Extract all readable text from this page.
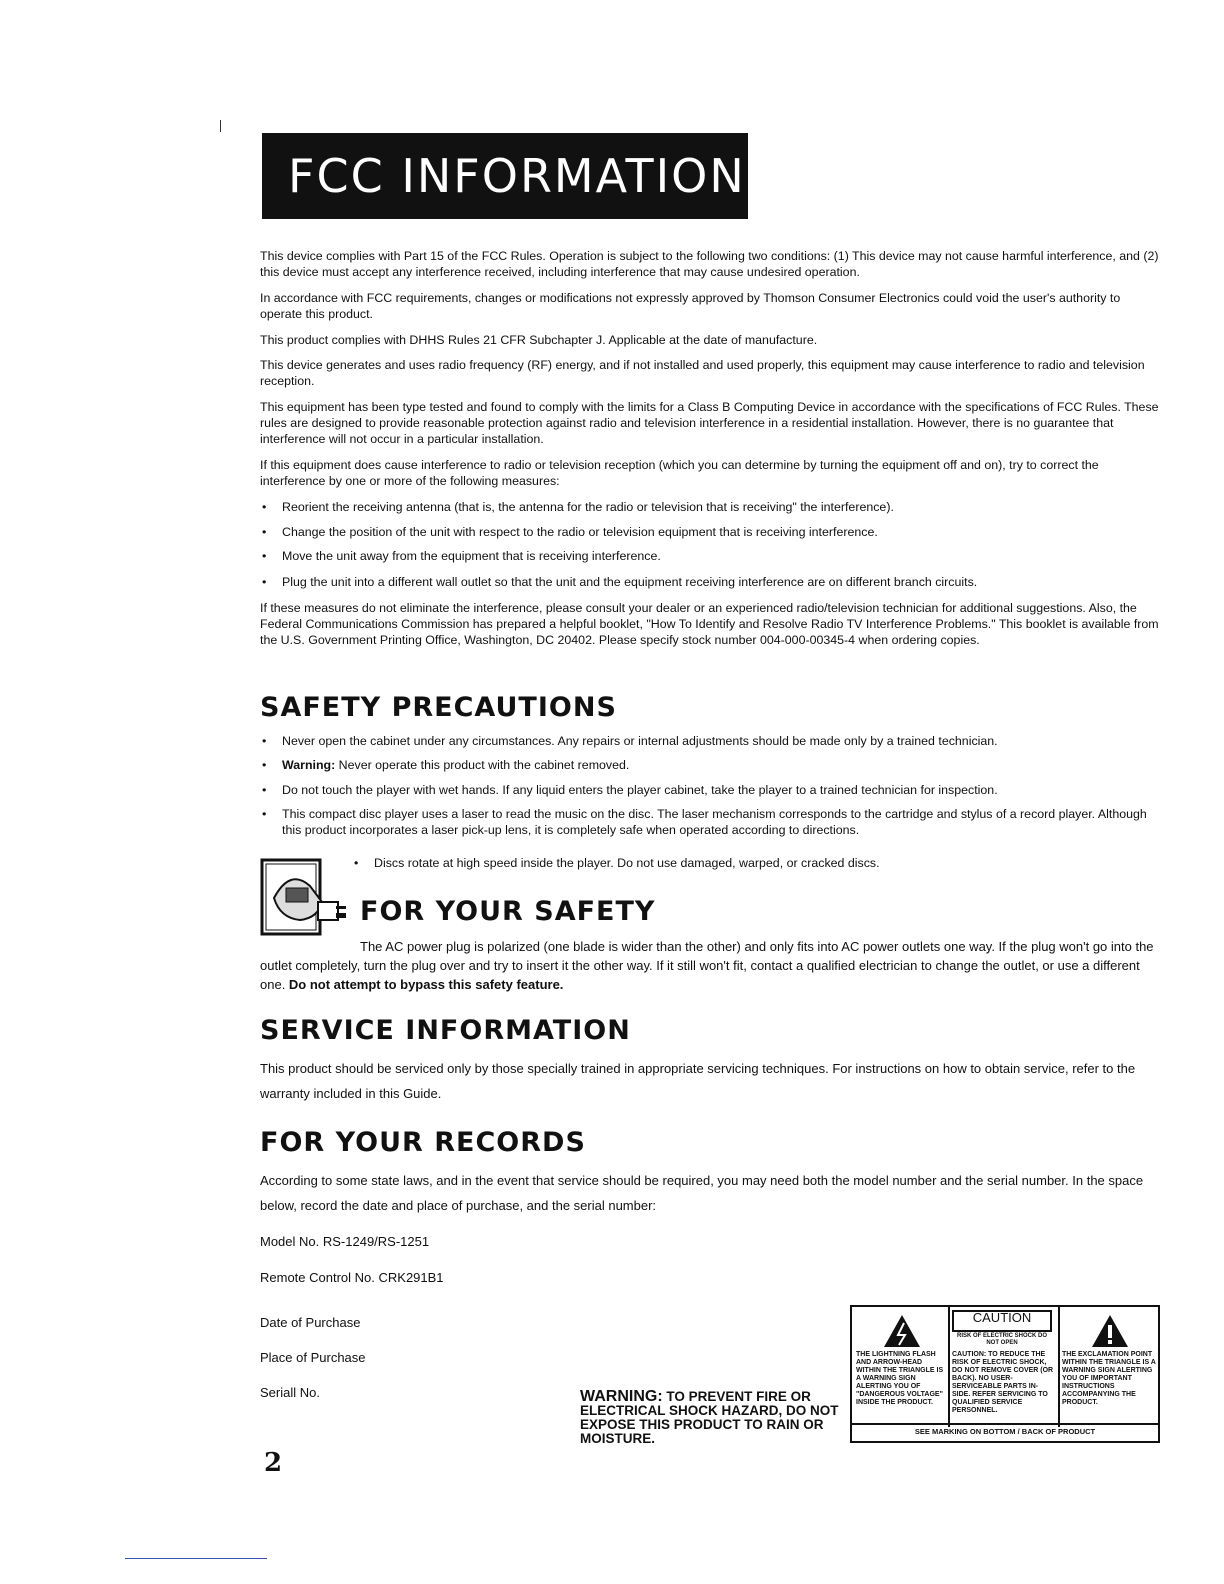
FCC INFORMATION

This device complies with Part 15 of the FCC Rules. Operation is subject to the following two conditions: (1) This device may not cause harmful interference, and (2) this device must accept any interference received, including interference that may cause undesired operation.

In accordance with FCC requirements, changes or modifications not expressly approved by Thomson Consumer Electronics could void the user's authority to operate this product.

This product complies with DHHS Rules 21 CFR Subchapter J. Applicable at the date of manufacture.

This device generates and uses radio frequency (RF) energy, and if not installed and used properly, this equipment may cause interference to radio and television reception.

This equipment has been type tested and found to comply with the limits for a Class B Computing Device in accordance with the specifications of FCC Rules. These rules are designed to provide reasonable protection against radio and television interference in a residential installation. However, there is no guarantee that interference will not occur in a particular installation.

If this equipment does cause interference to radio or television reception (which you can determine by turning the equipment off and on), try to correct the interference by one or more of the following measures:

• Reorient the receiving antenna (that is, the antenna for the radio or television that is receiving" the interference).
• Change the position of the unit with respect to the radio or television equipment that is receiving interference.
• Move the unit away from the equipment that is receiving interference.
• Plug the unit into a different wall outlet so that the unit and the equipment receiving interference are on different branch circuits.

If these measures do not eliminate the interference, please consult your dealer or an experienced radio/television technician for additional suggestions. Also, the Federal Communications Commission has prepared a helpful booklet, "How To Identify and Resolve Radio TV Interference Problems." This booklet is available from the U.S. Government Printing Office, Washington, DC 20402. Please specify stock number 004-000-00345-4 when ordering copies.

SAFETY PRECAUTIONS
• Never open the cabinet under any circumstances. Any repairs or internal adjustments should be made only by a trained technician.
• Warning: Never operate this product with the cabinet removed.
• Do not touch the player with wet hands. If any liquid enters the player cabinet, take the player to a trained technician for inspection.
• This compact disc player uses a laser to read the music on the disc. The laser mechanism corresponds to the cartridge and stylus of a record player. Although this product incorporates a laser pick-up lens, it is completely safe when operated according to directions.
• Discs rotate at high speed inside the player. Do not use damaged, warped, or cracked discs.
FOR YOUR SAFETY

The AC power plug is polarized (one blade is wider than the other) and only fits into AC power outlets one way. If the plug won't go into the outlet completely, turn the plug over and try to insert it the other way. If it still won't fit, contact a qualified electrician to change the outlet, or use a different one. Do not attempt to bypass this safety feature.

SERVICE INFORMATION

This product should be serviced only by those specially trained in appropriate servicing techniques. For instructions on how to obtain service, refer to the warranty included in this Guide.

FOR YOUR RECORDS

According to some state laws, and in the event that service should be required, you may need both the model number and the serial number. In the space below, record the date and place of purchase, and the serial number:

Model No. RS-1249/RS-1251

Remote Control No. CRK291B1

Date of Purchase

Place of Purchase

Seriall No.

2
WARNING: TO PREVENT FIRE OR ELECTRICAL SHOCK HAZARD, DO NOT EXPOSE THIS PRODUCT TO RAIN OR MOISTURE.
CAUTION
RISK OF ELECTRIC SHOCK DO NOT OPEN
THE LIGHTNING FLASH AND ARROW-HEAD WITHIN THE TRIANGLE IS A WARNING SIGN ALERTING YOU OF "DANGEROUS VOLTAGE" INSIDE THE PRODUCT.
CAUTION: TO REDUCE THE RISK OF ELECTRIC SHOCK, DO NOT REMOVE COVER (OR BACK). NO USER-SERVICEABLE PARTS IN-SIDE. REFER SERVICING TO QUALIFIED SERVICE PERSONNEL.
THE EXCLAMATION POINT WITHIN THE TRIANGLE IS A WARNING SIGN ALERTING YOU OF IMPORTANT INSTRUCTIONS ACCOMPANYING THE PRODUCT.
SEE MARKING ON BOTTOM / BACK OF PRODUCT
